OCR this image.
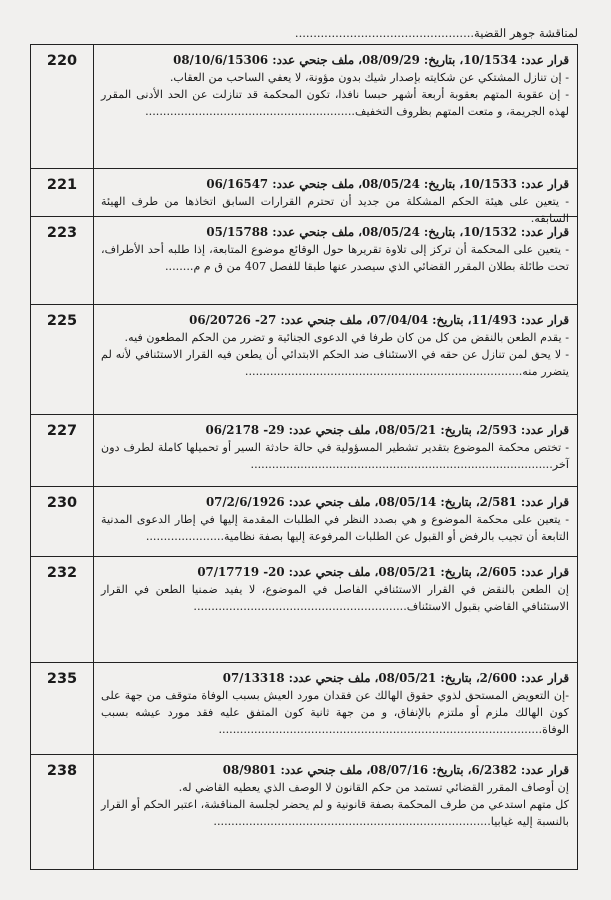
لمناقشة جوهر القضية.................................................
220	قرار عدد: 10/1534، بتاريخ: 08/09/29، ملف جنحي عدد: 08/10/6/15306

- إن تنازل المشتكي عن شكايته بإصدار شيك بدون مؤونة، لا يعفي الساحب من العقاب.

- إن عقوبة المتهم بعقوبة أربعة أشهر حبسا نافذا، تكون المحكمة قد تنازلت عن الحد الأدنى المقرر لهذه الجريمة، و متعت المتهم بظروف التخفيف...........................................................

221	قرار عدد: 10/1533، بتاريخ: 08/05/24، ملف جنحي عدد: 06/16547

- يتعين على هيئة الحكم المشكلة من جديد أن تحترم القرارات السابق اتخاذها من طرف الهيئة السابقة.

223	قرار عدد: 10/1532، بتاريخ: 08/05/24، ملف جنحي عدد: 05/15788

- يتعين على المحكمة أن تركز إلى تلاوة تقريرها حول الوقائع موضوع المتابعة، إذا طلبه أحد الأطراف، تحت طائلة بطلان المقرر القضائي الذي سيصدر عنها طبقا للفصل 407 من ق م م........

225	قرار عدد: 11/493، بتاريخ: 07/04/04، ملف جنحي عدد: 27- 06/20726

- يقدم الطعن بالنقض من كل من كان طرفا في الدعوى الجنائية و تضرر من الحكم المطعون فيه.

- لا يحق لمن تنازل عن حقه في الاستئناف ضد الحكم الابتدائي أن يطعن فيه القرار الاستئنافي لأنه لم يتضرر منه..............................................................................

227	قرار عدد: 2/593، بتاريخ: 08/05/21، ملف جنحي عدد: 29- 06/2178

- تختص محكمة الموضوع بتقدير تشطير المسؤولية في حالة حادثة السير أو تحميلها كاملة لطرف دون آخر.....................................................................................

230	قرار عدد: 2/581، بتاريخ: 08/05/14، ملف جنحي عدد: 07/2/6/1926

- يتعين على محكمة الموضوع و هي بصدد النظر في الطلبات المقدمة إليها في إطار الدعوى المدنية التابعة أن تجيب بالرفض أو القبول عن الطلبات المرفوعة إليها بصفة نظامية......................

232	قرار عدد: 2/605، بتاريخ: 08/05/21، ملف جنحي عدد: 20- 07/17719

إن الطعن بالنقض في القرار الاستئنافي الفاصل في الموضوع، لا يفيد ضمنيا الطعن في القرار الاستئنافي القاضي بقبول الاستئناف............................................................

235	قرار عدد: 2/600، بتاريخ: 08/05/21، ملف جنحي عدد: 07/13318

-إن التعويض المستحق لذوي حقوق الهالك عن فقدان مورد العيش بسبب الوفاة متوقف من جهة على كون الهالك ملزم أو ملتزم بالإنفاق، و من جهة ثانية كون المتفق عليه فقد مورد عيشه بسبب الوفاة...........................................................................................

238	قرار عدد: 6/2382، بتاريخ: 08/07/16، ملف جنحي عدد: 08/9801

إن أوصاف المقرر القضائي تستمد من حكم القانون لا الوصف الذي يعطيه القاضي له.

كل متهم استدعي من طرف المحكمة بصفة قانونية و لم يحضر لجلسة المناقشة، اعتبر الحكم أو القرار بالنسبة إليه غيابيا..............................................................................
